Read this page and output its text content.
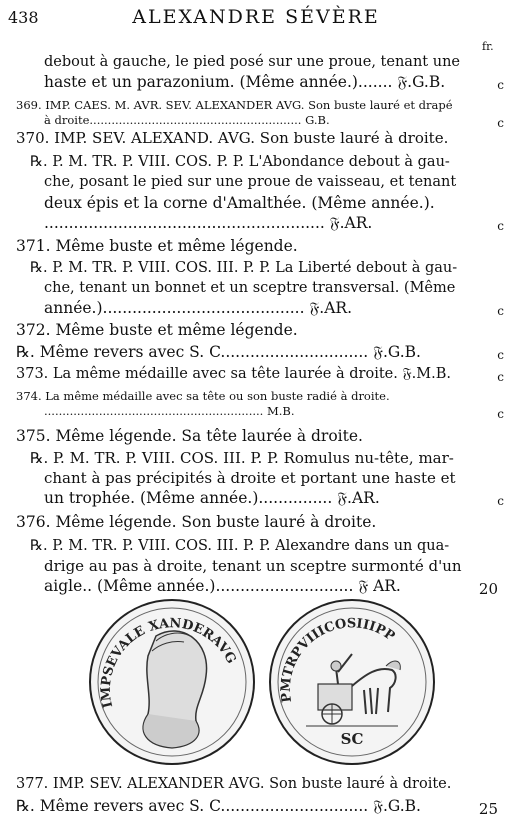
438	ALEXANDRE SÉVÈRE
fr.
debout à gauche, le pied posé sur une proue, tenant une
haste et un parazonium. (Même année.)....... 𝔉.G.B.
369. IMP. CAES. M. AVR. SEV. ALEXANDER AVG. Son buste lauré et drapé
à droite.......................................................... G.B.
370. IMP. SEV. ALEXAND. AVG. Son buste lauré à droite.
℞. P. M. TR. P. VIII. COS. P. P. L'Abondance debout à gau-
che, posant le pied sur une proue de vaisseau, et tenant
deux épis et la corne d'Amalthée. (Même année.).
......................................................... 𝔉.AR.
371. Même buste et même légende.
℞. P. M. TR. P. VIII. COS. III. P. P. La Liberté debout à gau-
che, tenant un bonnet et un sceptre transversal. (Même
année.)......................................... 𝔉.AR.
372. Même buste et même légende.
℞. Même revers avec S. C.............................. 𝔉.G.B.
373. La même médaille avec sa tête laurée à droite. 𝔉.M.B.
374. La même médaille avec sa tête ou son buste radié à droite.
............................................................ M.B.
375. Même légende. Sa tête laurée à droite.
℞. P. M. TR. P. VIII. COS. III. P. P. Romulus nu-tête, mar-
chant à pas précipités à droite et portant une haste et
un trophée. (Même année.)............... 𝔉.AR.
376. Même légende. Son buste lauré à droite.
℞. P. M. TR. P. VIII. COS. III. P. P. Alexandre dans un qua-
drige au pas à droite, tenant un sceptre surmonté d'un
aigle.. (Même année.)............................ 𝔉 AR.
377. IMP. SEV. ALEXANDER AVG. Son buste lauré à droite.
℞. Même revers avec S. C.............................. 𝔉.G.B.
IMPSEVALE XANDERAVG
SC
PMTRPVIIICOSIIIPP
c
c
c
c
c
c
c
c
20
25
